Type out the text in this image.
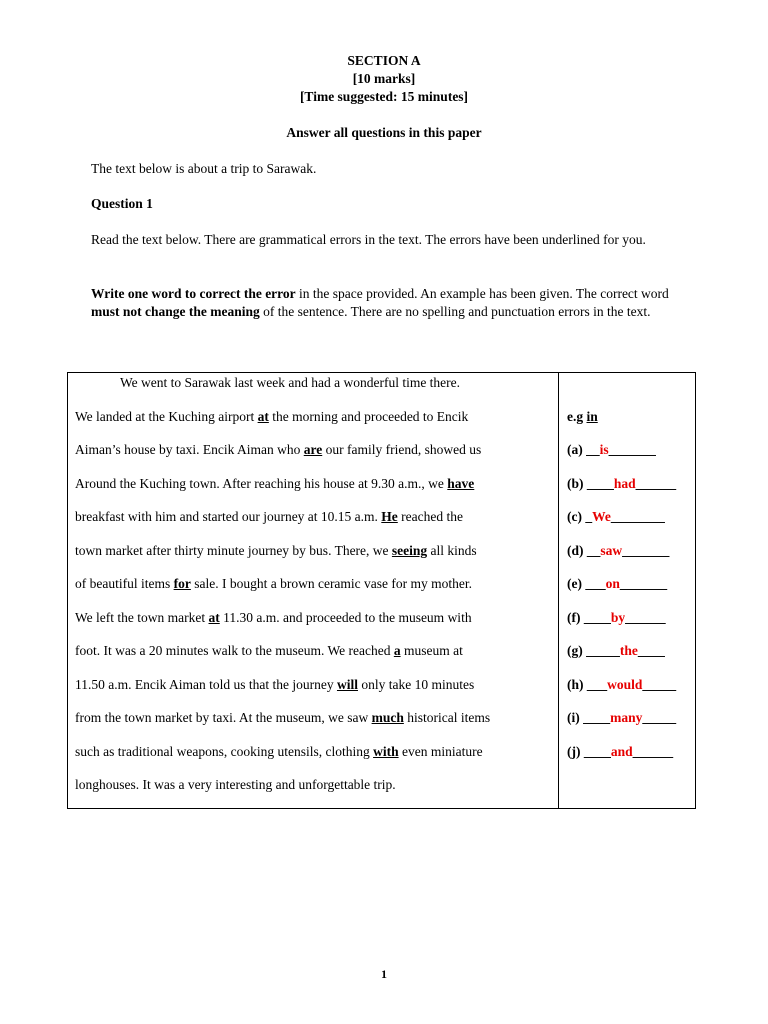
SECTION A
[10 marks]
[Time suggested: 15 minutes]
Answer all questions in this paper
The text below is about a trip to Sarawak.
Question 1
Read the text below. There are grammatical errors in the text. The errors have been underlined for you.
Write one word to correct the error in the space provided. An example has been given. The correct word must not change the meaning of the sentence. There are no spelling and punctuation errors in the text.

We went to Sarawak last week and had a wonderful time there.
We landed at the Kuching airport at the morning and proceeded to Encik
Aiman’s house by taxi. Encik Aiman who are our family friend, showed us
Around the Kuching town. After reaching his house at 9.30 a.m., we have
breakfast with him and started our journey at 10.15 a.m. He reached the
town market after thirty minute journey by bus. There, we seeing all kinds
of beautiful items for sale. I bought a brown ceramic vase for my mother.
We left the town market at 11.30 a.m. and proceeded to the museum with
foot. It was a 20 minutes walk to the museum. We reached a museum at
11.50 a.m. Encik Aiman told us that the journey will only take 10 minutes
from the town market by taxi. At the museum, we saw much historical items
such as traditional weapons, cooking utensils, clothing with even miniature
longhouses. It was a very interesting and unforgettable trip.
e.g in
(a) __is_______
(b) ____had______
(c) _We________
(d) __saw_______
(e) ___on_______
(f) ____by______
(g) _____the____
(h) ___would_____
(i) ____many_____
(j) ____and______
1
